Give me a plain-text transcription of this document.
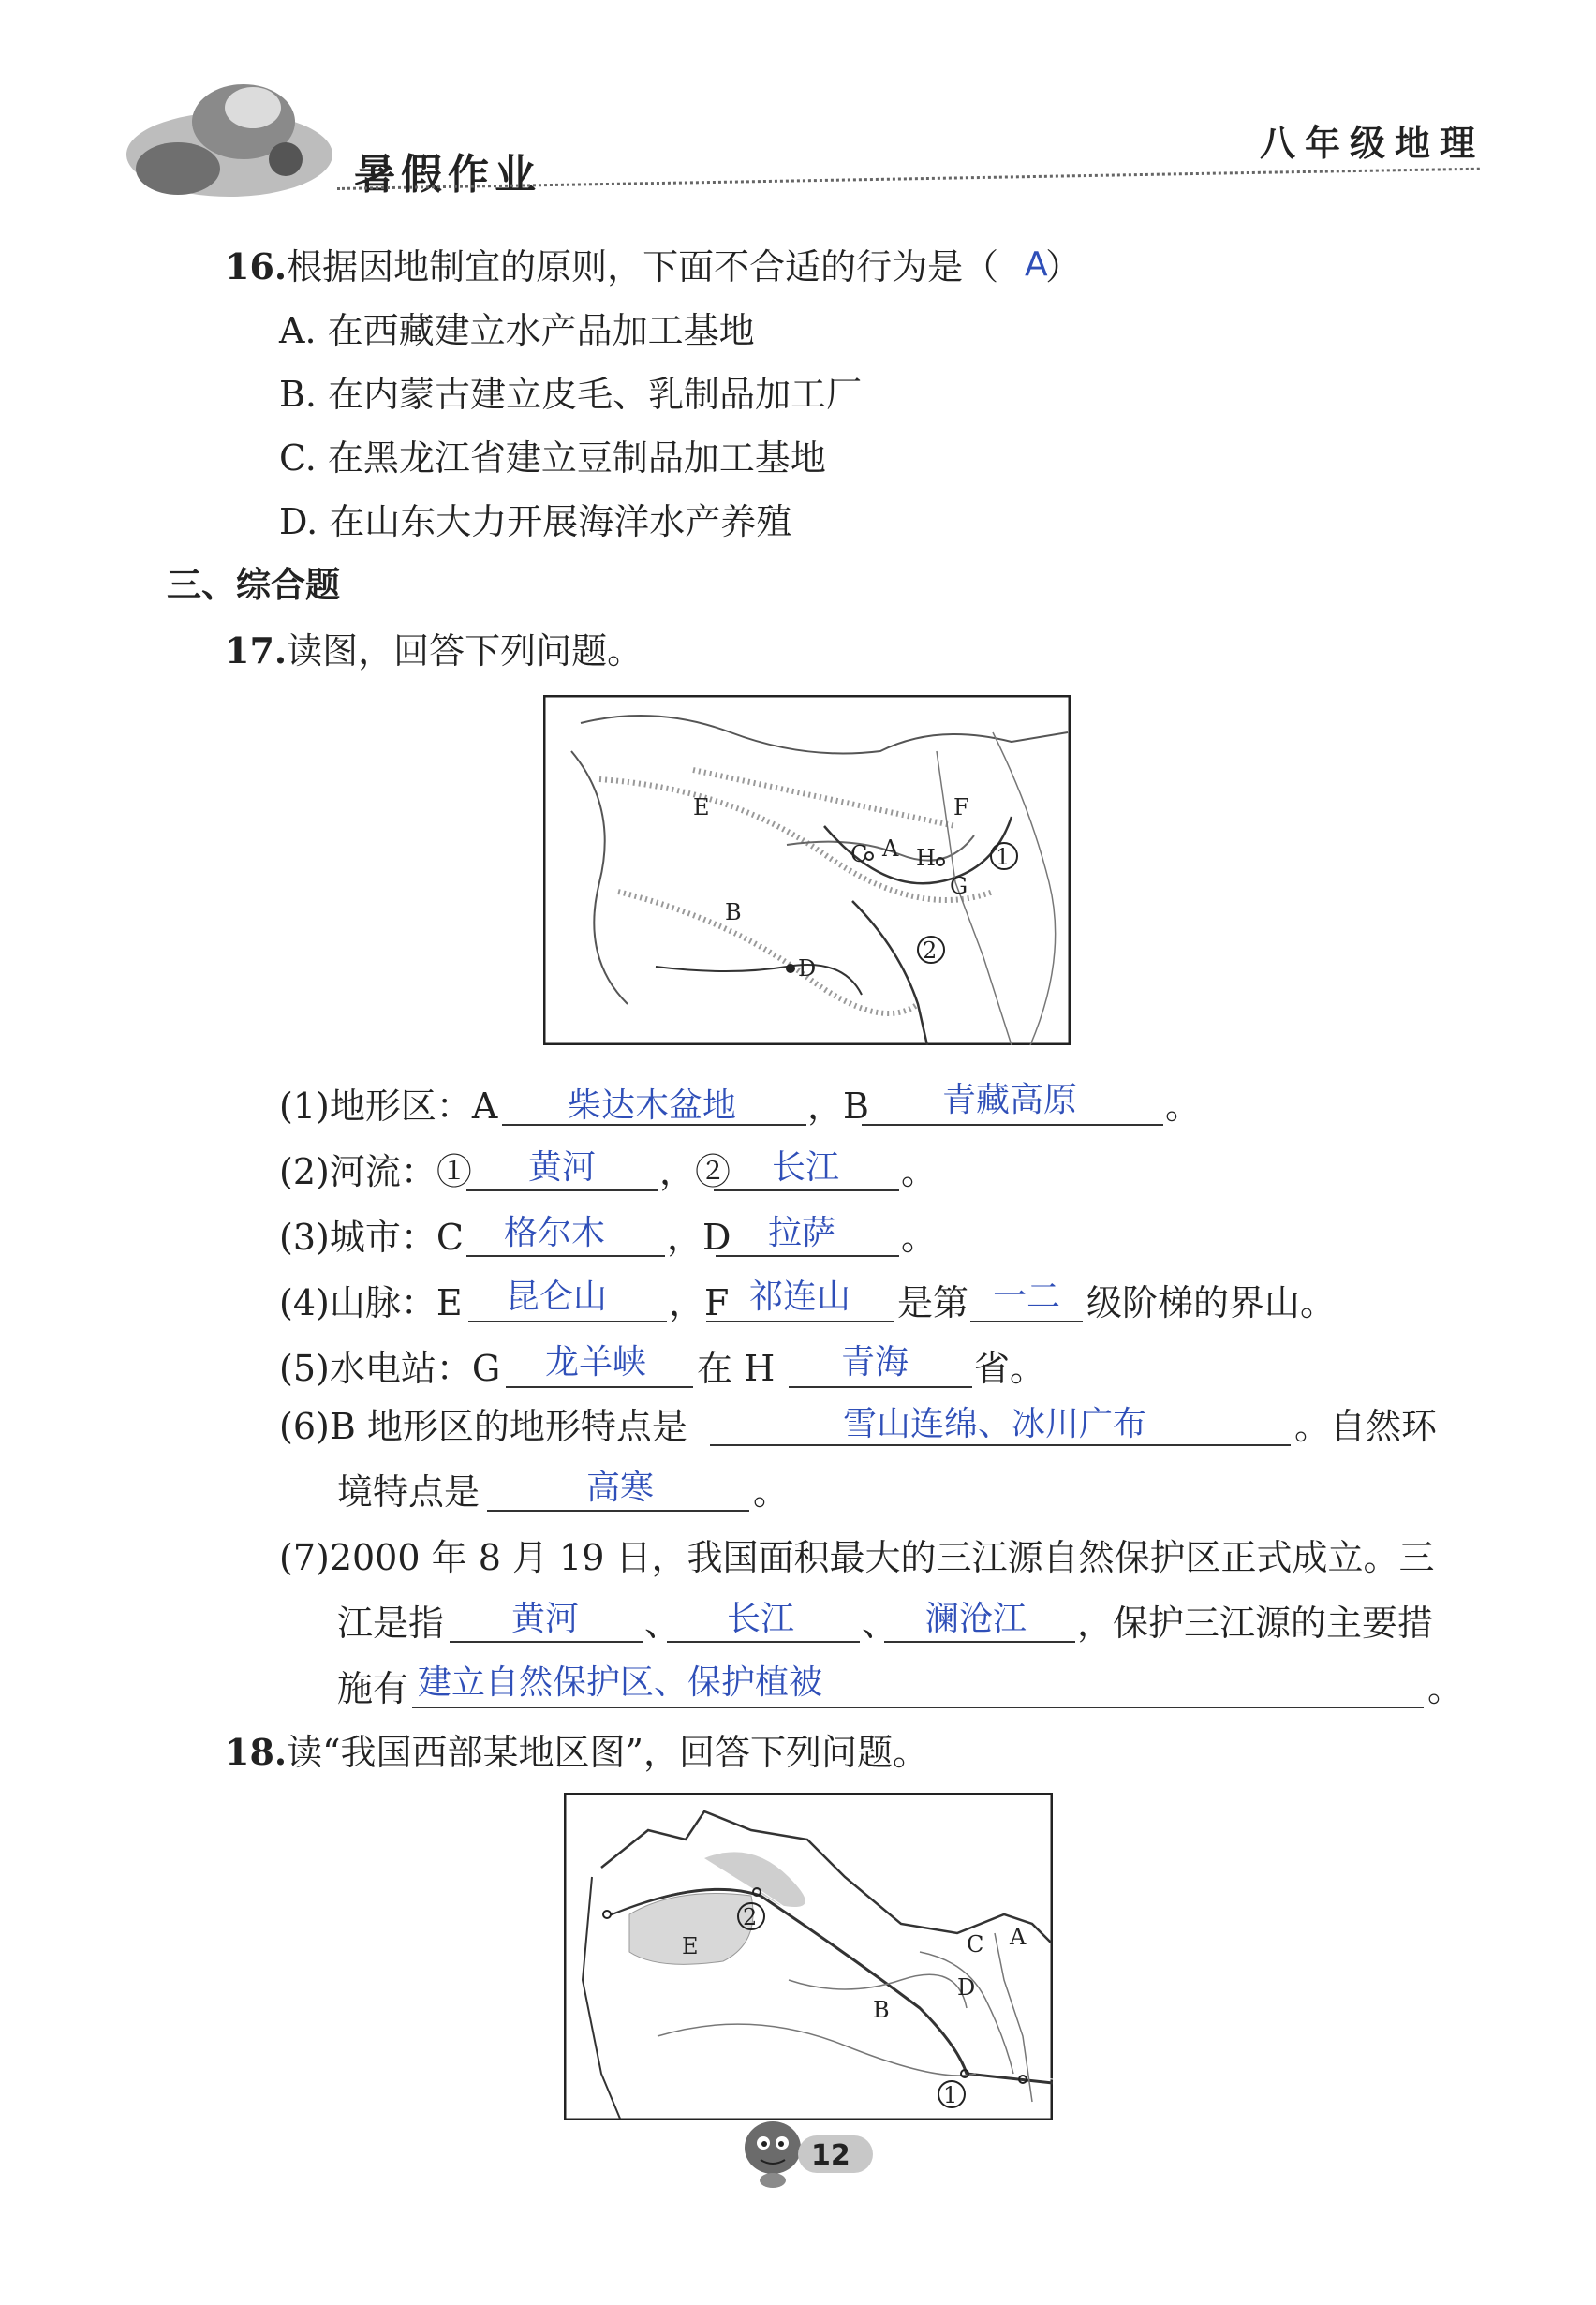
暑假作业
八年级地理
16.根据因地制宜的原则，下面不合适的行为是（ ）
A
A. 在西藏建立水产品加工基地
B. 在内蒙古建立皮毛、乳制品加工厂
C. 在黑龙江省建立豆制品加工基地
D. 在山东大力开展海洋水产养殖
三、综合题
17.读图，回答下列问题。
E	F
C A H
G
B
D
1
2
(1)地形区：A 柴达木盆地 ，B 青藏高原 。
(2)河流：① 黄河 ，② 长江 。
(3)城市：C 格尔木 ，D 拉萨 。
(4)山脉：E 昆仑山 ，F 祁连山 是第 一二 级阶梯的界山。
(5)水电站：G 龙羊峡 在 H 青海 省。
(6)B 地形区的地形特点是	雪山连绵、冰川广布	。自然环
境特点是	高寒	。
(7)2000 年 8 月 19 日，我国面积最大的三江源自然保护区正式成立。三
江是指 黄河 、 长江 、 澜沧江 ，保护三江源的主要措
施有 建立自然保护区、保护植被	。
18.读“我国西部某地区图”，回答下列问题。
2
E	C A
D
B
1
12
